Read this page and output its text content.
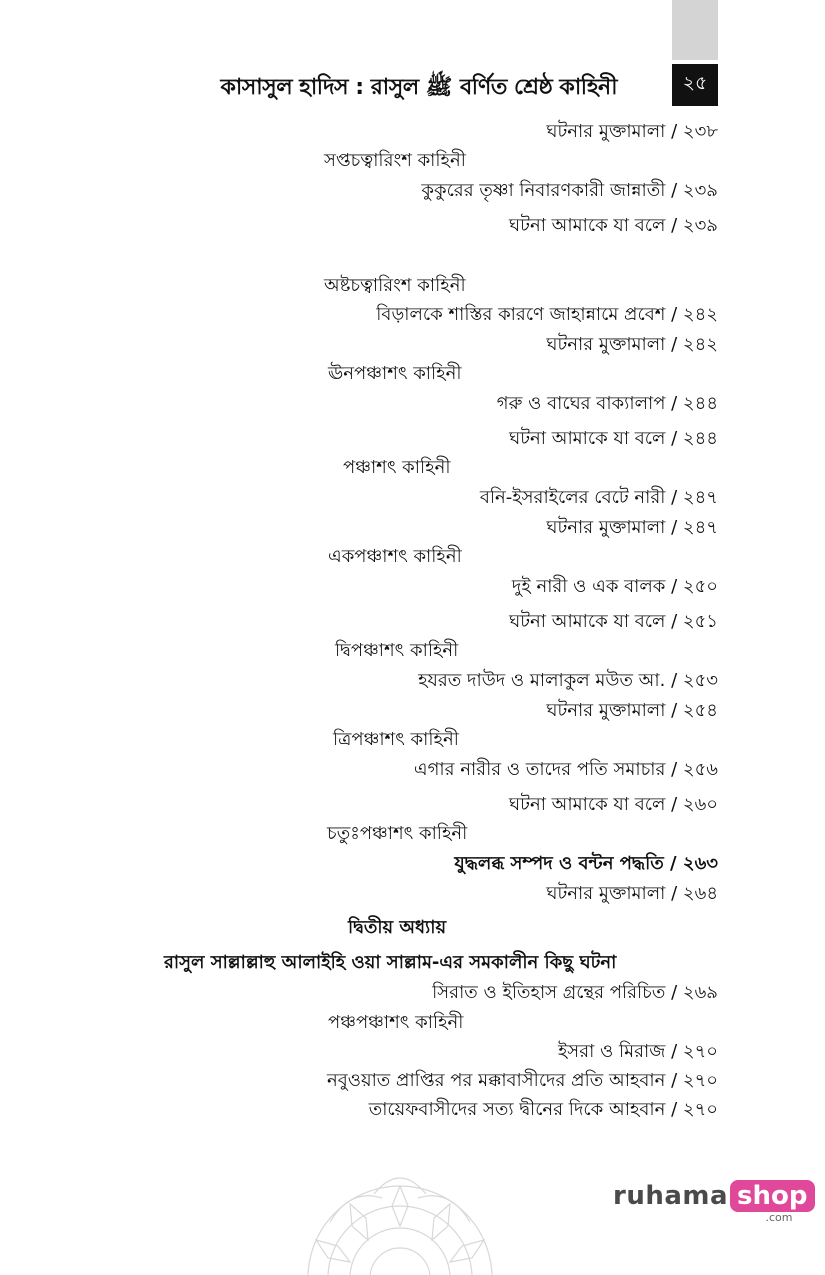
২৫
কাসাসুল হাদিস : রাসুল ﷺ বর্ণিত শ্রেষ্ঠ কাহিনী
ঘটনার মুক্তামালা / ২৩৮
সপ্তচত্বারিংশ কাহিনী
কুকুরের তৃষ্ণা নিবারণকারী জান্নাতী / ২৩৯
ঘটনা আমাকে যা বলে / ২৩৯
অষ্টচত্বারিংশ কাহিনী
বিড়ালকে শাস্তির কারণে জাহান্নামে প্রবেশ / ২৪২
ঘটনার মুক্তামালা / ২৪২
ঊনপঞ্চাশৎ কাহিনী
গরু ও বাঘের বাক্যালাপ / ২৪৪
ঘটনা আমাকে যা বলে / ২৪৪
পঞ্চাশৎ কাহিনী
বনি-ইসরাইলের বেটে নারী / ২৪৭
ঘটনার মুক্তামালা / ২৪৭
একপঞ্চাশৎ কাহিনী
দুই নারী ও এক বালক / ২৫০
ঘটনা আমাকে যা বলে / ২৫১
দ্বিপঞ্চাশৎ কাহিনী
হযরত দাউদ ও মালাকুল মউত আ. / ২৫৩
ঘটনার মুক্তামালা / ২৫৪
ত্রিপঞ্চাশৎ কাহিনী
এগার নারীর ও তাদের পতি সমাচার / ২৫৬
ঘটনা আমাকে যা বলে / ২৬০
চতুঃপঞ্চাশৎ কাহিনী
যুদ্ধলব্ধ সম্পদ ও বন্টন পদ্ধতি / ২৬৩
ঘটনার মুক্তামালা / ২৬৪
দ্বিতীয় অধ্যায়
রাসুল সাল্লাল্লাহু আলাইহি ওয়া সাল্লাম-এর সমকালীন কিছু ঘটনা
সিরাত ও ইতিহাস গ্রন্থের পরিচিত / ২৬৯
পঞ্চপঞ্চাশৎ কাহিনী
ইসরা ও মিরাজ / ২৭০
নবুওয়াত প্রাপ্তির পর মক্কাবাসীদের প্রতি আহবান / ২৭০
তায়েফবাসীদের সত্য দ্বীনের দিকে আহবান / ২৭০
ruhama shop
.com
